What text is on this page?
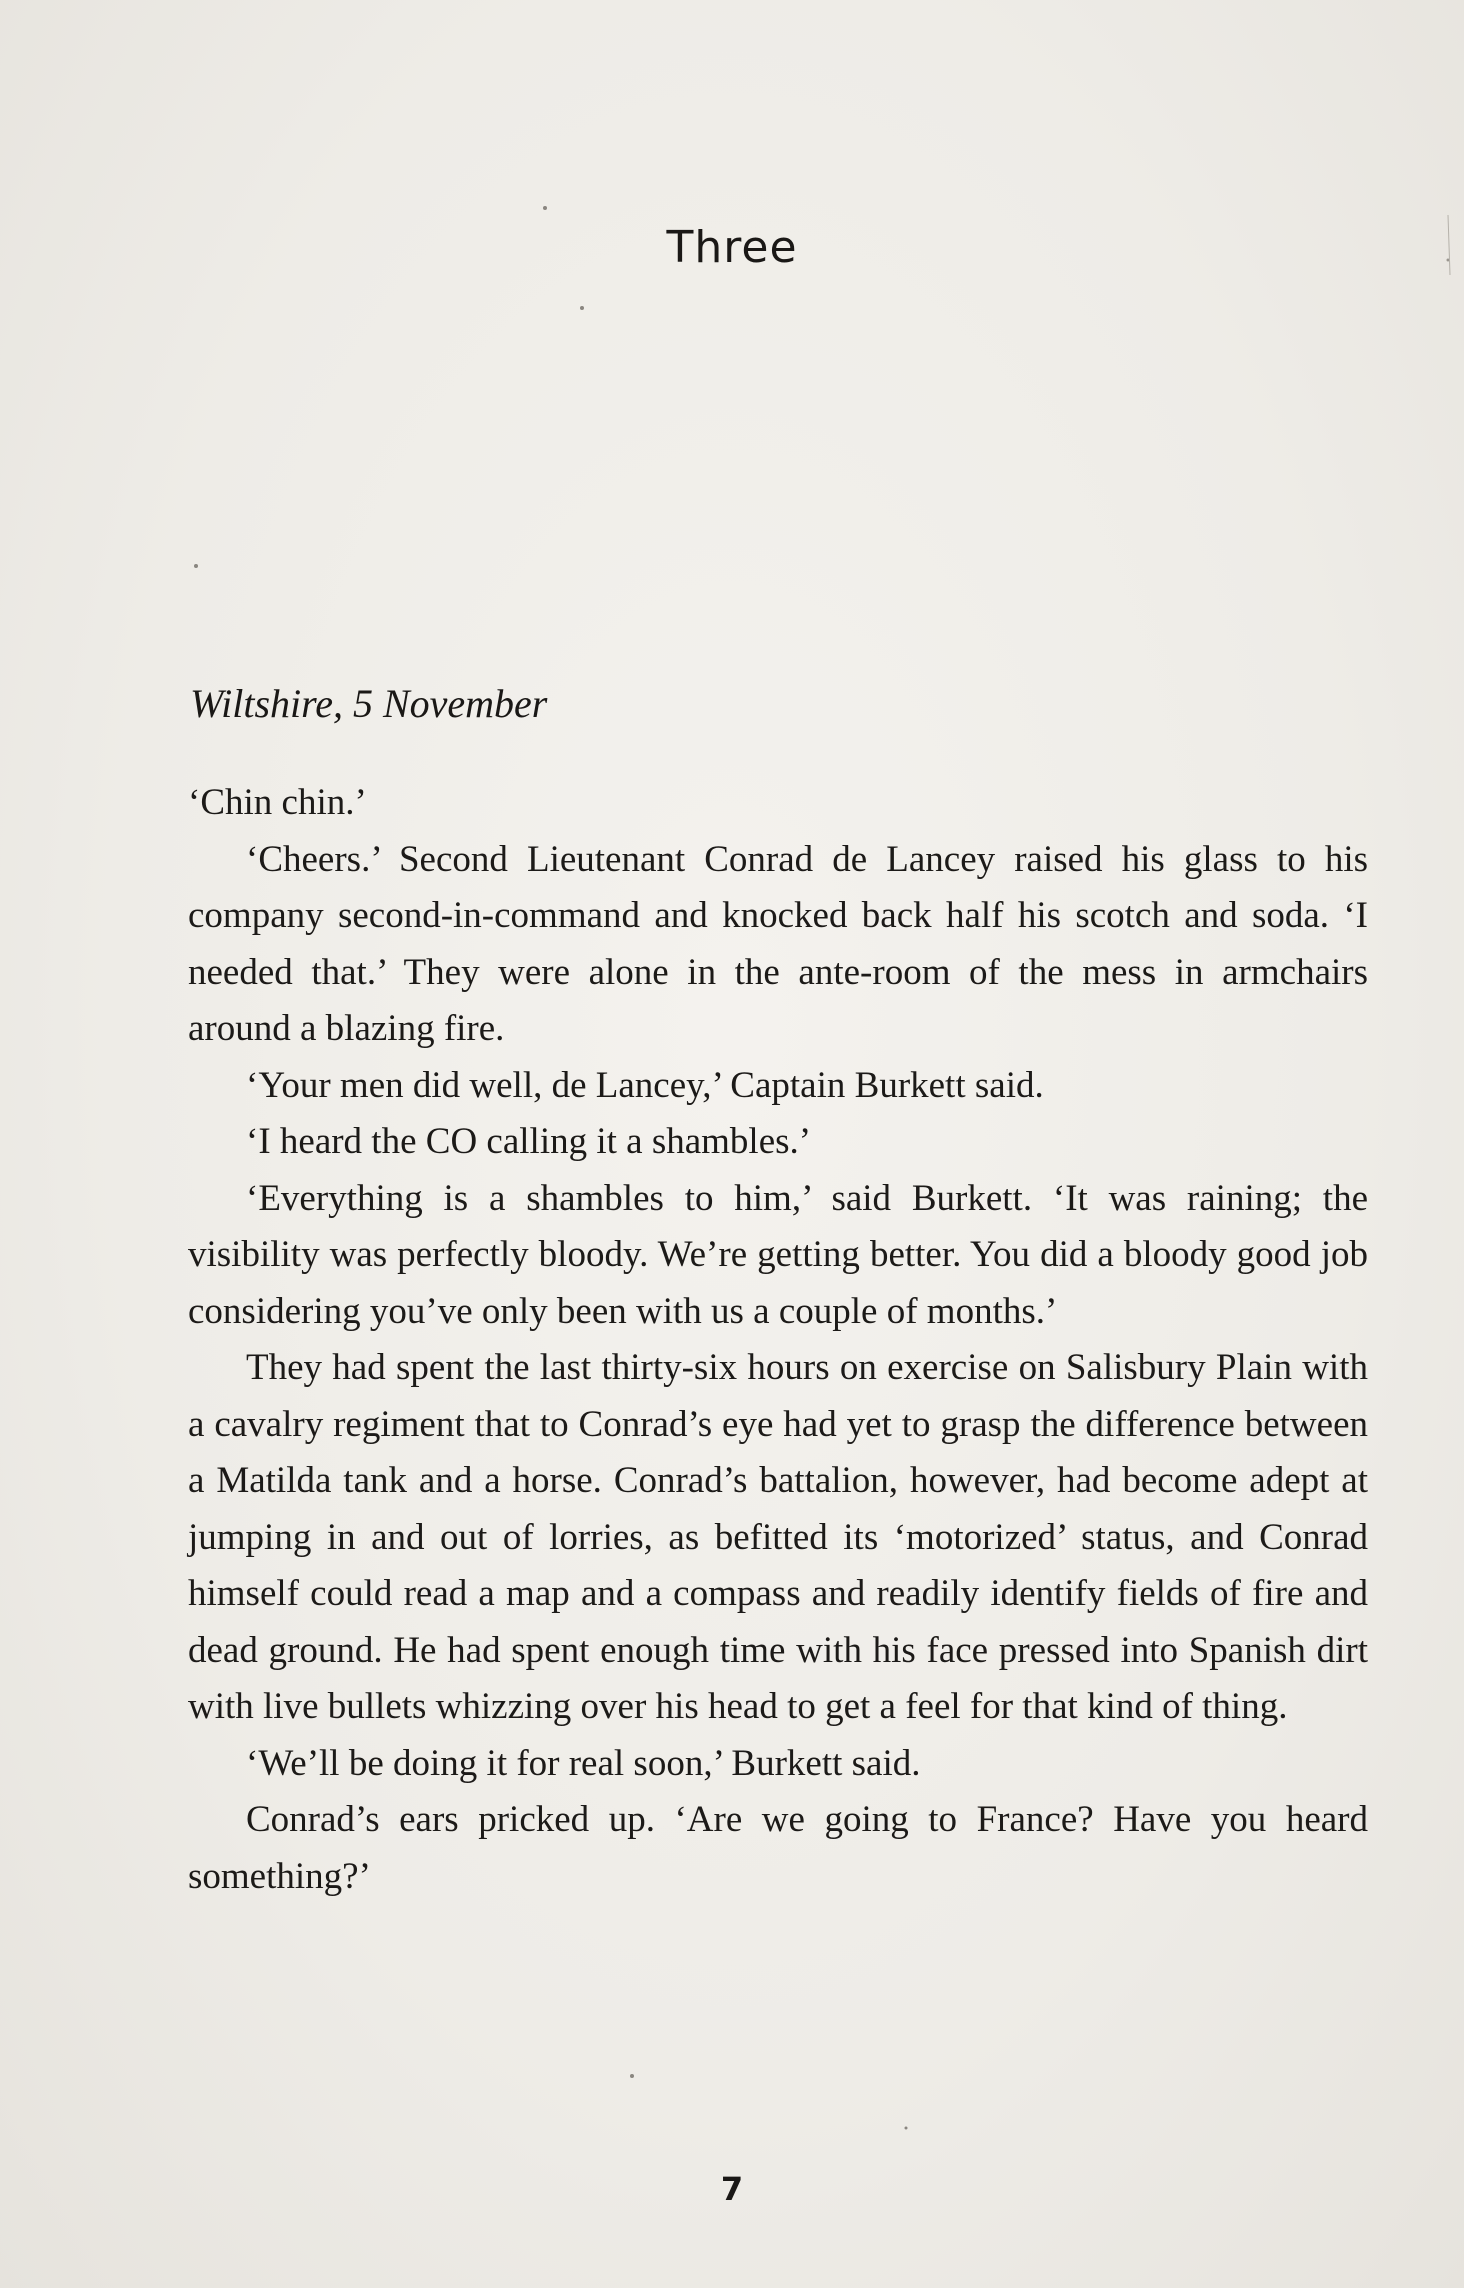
Three
Wiltshire, 5 November

‘Chin chin.’

‘Cheers.’ Second Lieutenant Conrad de Lancey raised his glass to his company second-in-command and knocked back half his scotch and soda. ‘I needed that.’ They were alone in the ante-room of the mess in armchairs around a blazing fire.

‘Your men did well, de Lancey,’ Captain Burkett said.

‘I heard the CO calling it a shambles.’

‘Everything is a shambles to him,’ said Burkett. ‘It was raining; the visibility was perfectly bloody. We’re getting better. You did a bloody good job considering you’ve only been with us a couple of months.’

They had spent the last thirty-six hours on exercise on Salisbury Plain with a cavalry regiment that to Conrad’s eye had yet to grasp the difference between a Matilda tank and a horse. Conrad’s battalion, however, had become adept at jumping in and out of lorries, as befitted its ‘motorized’ status, and Conrad himself could read a map and a compass and readily identify fields of fire and dead ground. He had spent enough time with his face pressed into Spanish dirt with live bullets whizzing over his head to get a feel for that kind of thing.

‘We’ll be doing it for real soon,’ Burkett said.

Conrad’s ears pricked up. ‘Are we going to France? Have you heard something?’

7
